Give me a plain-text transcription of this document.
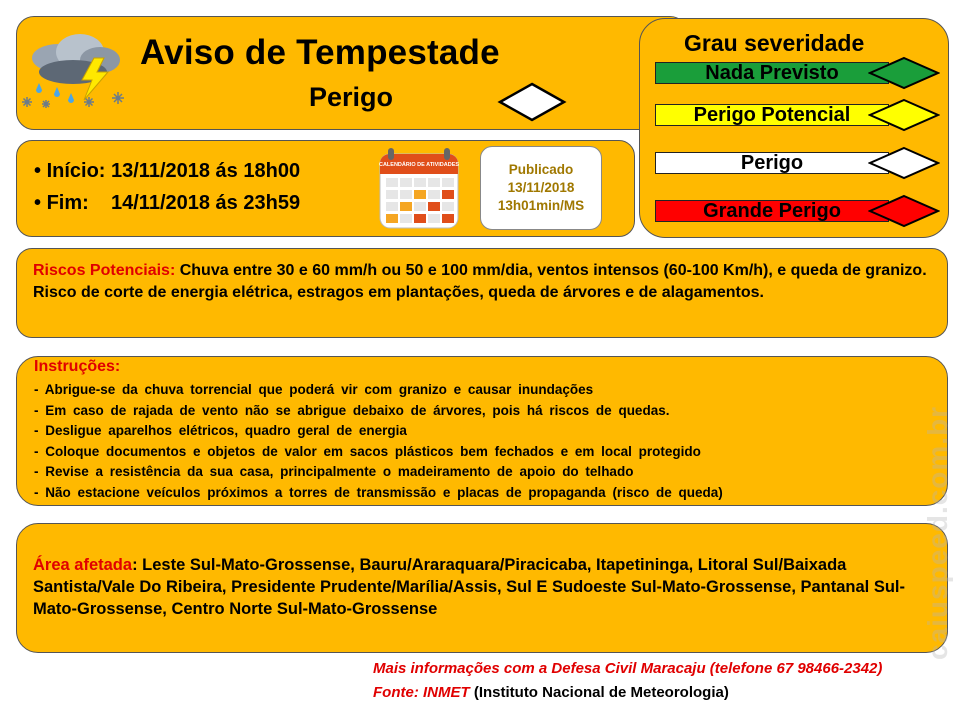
Aviso de Tempestade
Perigo
Grau severidade
Nada Previsto
Perigo Potencial
Perigo
Grande Perigo
• Início: 13/11/2018 ás 18h00
• Fim:    14/11/2018 ás 23h59
CALENDÁRIO DE ATIVIDADES	Publicado
13/11/2018
13h01min/MS
Riscos Potenciais: Chuva entre 30 e 60 mm/h ou 50 e 100 mm/dia, ventos intensos (60-100 Km/h), e queda de granizo. Risco de corte de energia elétrica, estragos em plantações, queda de árvores e de alagamentos.
Instruções:
- Abrigue-se da chuva torrencial que poderá vir com granizo e causar inundações
- Em caso de rajada de vento não se abrigue debaixo de árvores, pois há riscos de quedas.
- Desligue aparelhos elétricos, quadro geral de energia
- Coloque documentos e objetos de valor em sacos plásticos bem fechados e em local protegido
- Revise a resistência da sua casa, principalmente o madeiramento de apoio do telhado
- Não estacione veículos próximos a torres de transmissão e placas de propaganda (risco de queda)
Área afetada: Leste Sul-Mato-Grossense, Bauru/Araraquara/Piracicaba, Itapetininga, Litoral Sul/Baixada Santista/Vale Do Ribeira, Presidente Prudente/Marília/Assis, Sul E Sudoeste Sul-Mato-Grossense, Pantanal Sul-Mato-Grossense, Centro Norte Sul-Mato-Grossense
Mais informações com a Defesa Civil Maracaju (telefone 67 98466-2342)
Fonte: INMET (Instituto Nacional de Meteorologia)
caiuspeed.com.br
